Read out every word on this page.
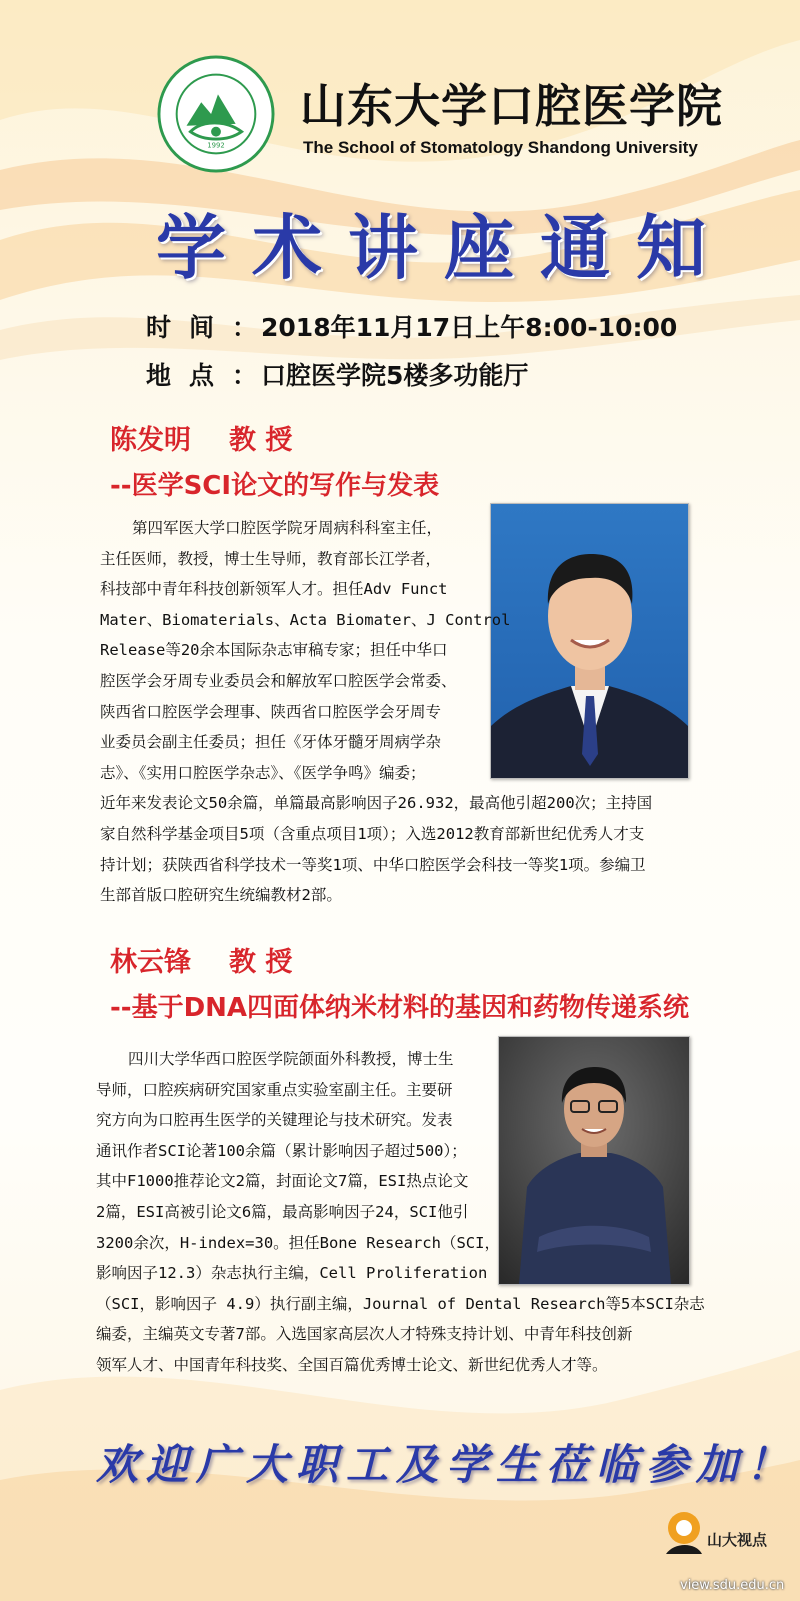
1992
山东大学口腔医学院
The School of Stomatology Shandong University
学术讲座通知
时间：2018年11月17日上午8:00-10:00
地点：口腔医学院5楼多功能厅
陈发明 教 授
--医学SCI论文的写作与发表
第四军医大学口腔医学院牙周病科科室主任，
主任医师，教授，博士生导师，教育部长江学者，
科技部中青年科技创新领军人才。担任Adv Funct
Mater、Biomaterials、Acta Biomater、J Control
Release等20余本国际杂志审稿专家；担任中华口
腔医学会牙周专业委员会和解放军口腔医学会常委、
陕西省口腔医学会理事、陕西省口腔医学会牙周专
业委员会副主任委员；担任《牙体牙髓牙周病学杂
志》、《实用口腔医学杂志》、《医学争鸣》编委；
近年来发表论文50余篇，单篇最高影响因子26.932，最高他引超200次；主持国
家自然科学基金项目5项（含重点项目1项）；入选2012教育部新世纪优秀人才支
持计划；获陕西省科学技术一等奖1项、中华口腔医学会科技一等奖1项。参编卫
生部首版口腔研究生统编教材2部。
林云锋 教 授
--基于DNA四面体纳米材料的基因和药物传递系统
四川大学华西口腔医学院颌面外科教授，博士生
导师，口腔疾病研究国家重点实验室副主任。主要研
究方向为口腔再生医学的关键理论与技术研究。发表
通讯作者SCI论著100余篇（累计影响因子超过500）；
其中F1000推荐论文2篇，封面论文7篇，ESI热点论文
2篇，ESI高被引论文6篇，最高影响因子24，SCI他引
3200余次，H-index=30。担任Bone Research（SCI，
影响因子12.3）杂志执行主编，Cell Proliferation
（SCI，影响因子 4.9）执行副主编，Journal of Dental Research等5本SCI杂志
编委，主编英文专著7部。入选国家高层次人才特殊支持计划、中青年科技创新
领军人才、中国青年科技奖、全国百篇优秀博士论文、新世纪优秀人才等。
欢迎广大职工及学生莅临参加！
山大视点
view.sdu.edu.cn
